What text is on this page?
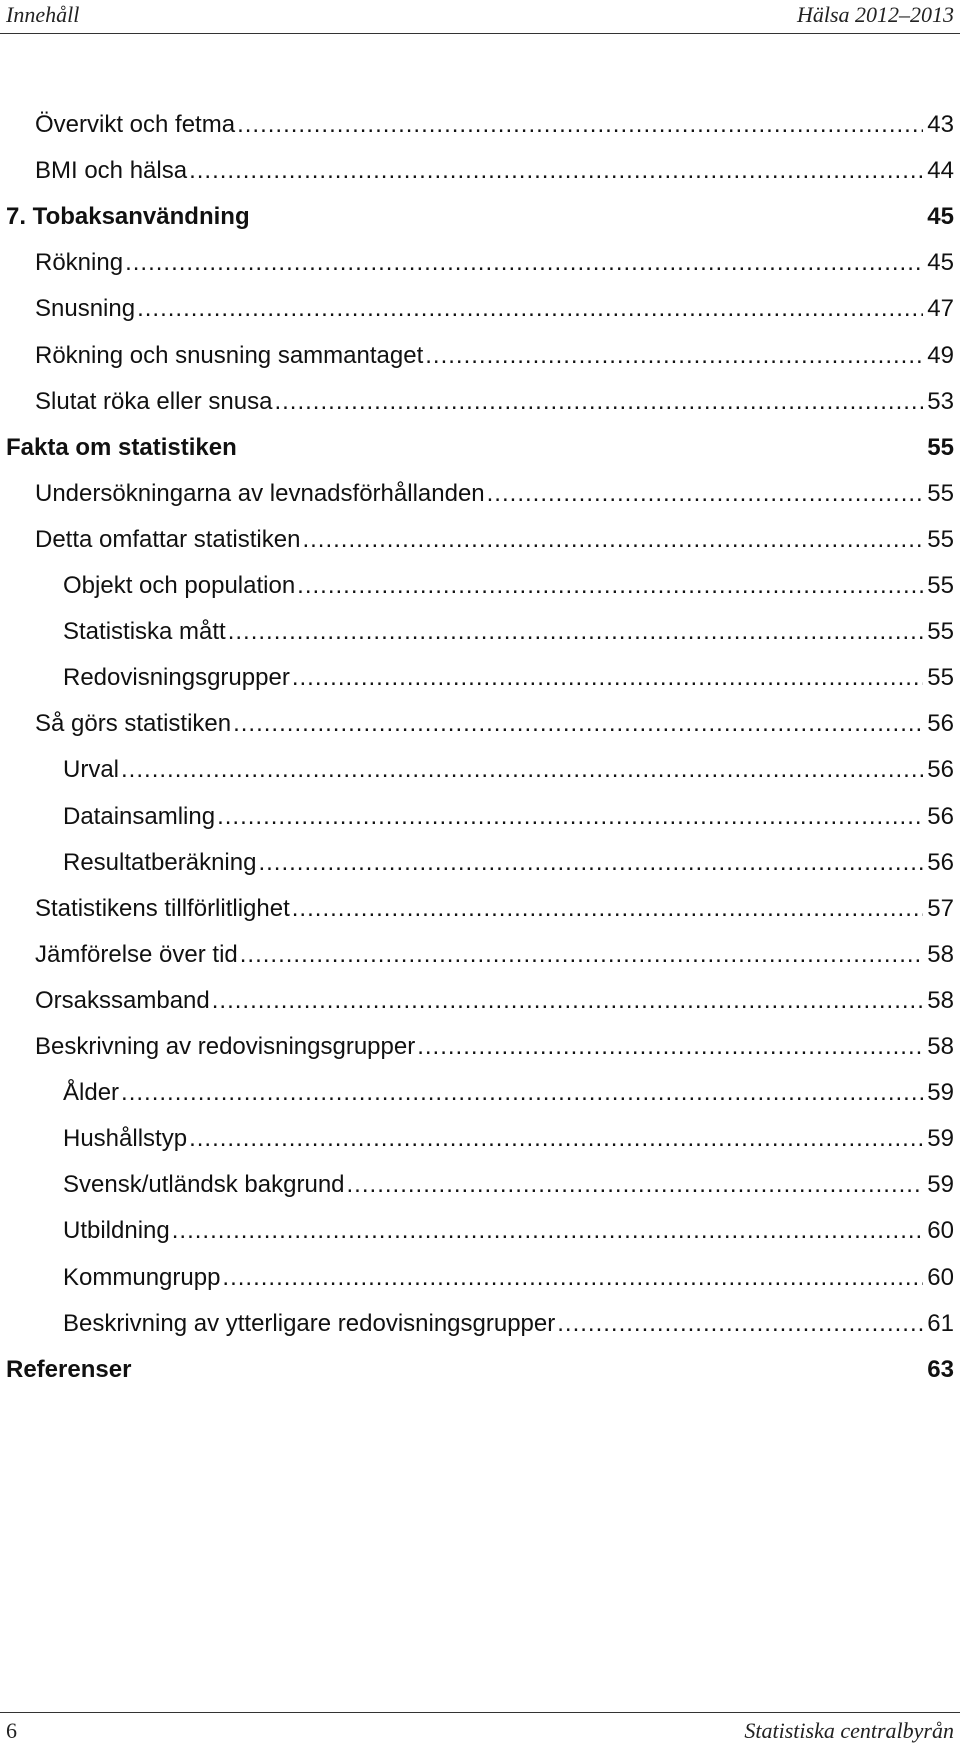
Innehåll	Hälsa 2012–2013
Övervikt och fetma .....	43
BMI och hälsa .....	44
7. Tobaksanvändning	45
Rökning .....	45
Snusning .....	47
Rökning och snusning sammantaget .....	49
Slutat röka eller snusa .....	53
Fakta om statistiken	55
Undersökningarna av levnadsförhållanden .....	55
Detta omfattar statistiken .....	55
Objekt och population .....	55
Statistiska mått .....	55
Redovisningsgrupper .....	55
Så görs statistiken .....	56
Urval .....	56
Datainsamling .....	56
Resultatberäkning .....	56
Statistikens tillförlitlighet .....	57
Jämförelse över tid .....	58
Orsakssamband .....	58
Beskrivning av redovisningsgrupper .....	58
Ålder .....	59
Hushållstyp .....	59
Svensk/utländsk bakgrund .....	59
Utbildning .....	60
Kommungrupp .....	60
Beskrivning av ytterligare redovisningsgrupper .....	61
Referenser	63
6	Statistiska centralbyrån
